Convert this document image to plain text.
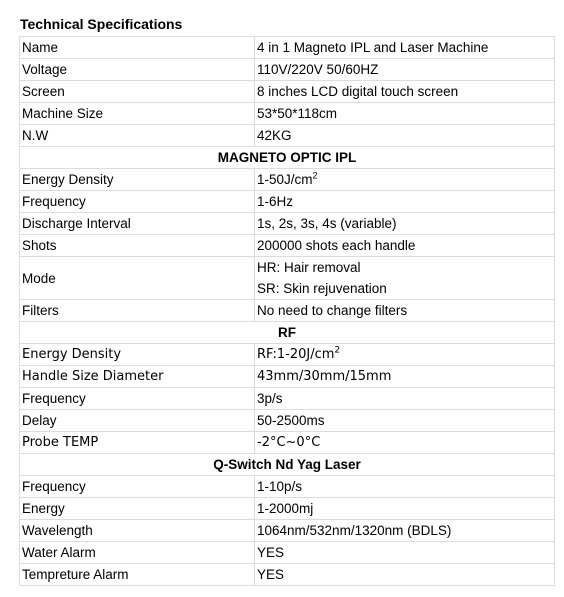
Technical Specifications
Name	4 in 1 Magneto IPL and Laser Machine
Voltage	110V/220V 50/60HZ
Screen	8 inches LCD digital touch screen
Machine Size	53*50*118cm
N.W	42KG
MAGNETO OPTIC IPL	
Energy Density	$1-50J/cm^2$
Frequency	1-6Hz
Discharge Interval	1s, 2s, 3s, 4s (variable)
Shots	200000 shots each handle
Mode	HR: Hair removal
SR: Skin rejuvenation

Filters	No need to change filters
RF	
Energy Density	$RF:1-20J/cm^2$
Handle Size Diameter	43mm/30mm/15mm
Frequency	3p/s
Delay	50-2500ms
Probe TEMP	-2°C~0°C
Q-Switch Nd Yag Laser	
Frequency	1-10p/s
Energy	1-2000mj
Wavelength	1064nm/532nm/1320nm (BDLS)
Water Alarm	YES
Tempreture Alarm	YES
